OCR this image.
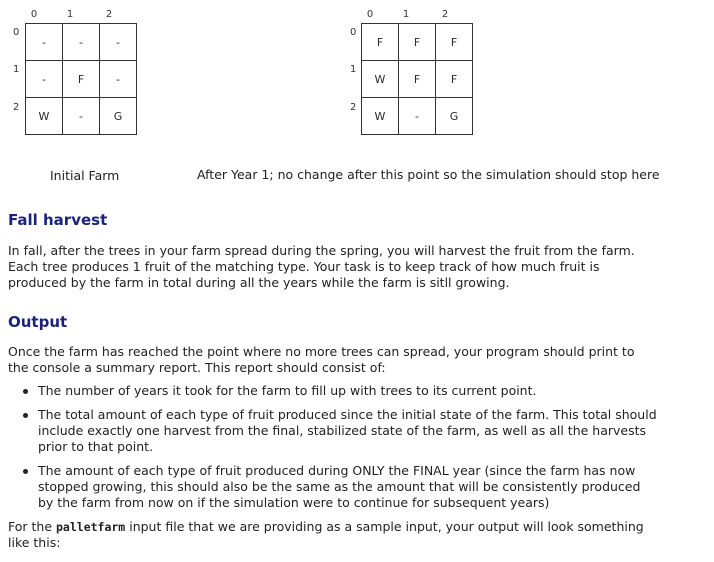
0	1	2
0
1
2
-	-	-
-	F	-
W	-	G
0	1	2
0
1
2
F	F	F
W	F	F
W	-	G
Initial Farm	After Year 1; no change after this point so the simulation should stop here
Fall harvest

In fall, after the trees in your farm spread during the spring, you will harvest the fruit from the farm. Each tree produces 1 fruit of the matching type. Your task is to keep track of how much fruit is produced by the farm in total during all the years while the farm is sitll growing.

Output

Once the farm has reached the point where no more trees can spread, your program should print to the console a summary report. This report should consist of:

The number of years it took for the farm to fill up with trees to its current point.
The total amount of each type of fruit produced since the initial state of the farm. This total should include exactly one harvest from the final, stabilized state of the farm, as well as all the harvests prior to that point.
The amount of each type of fruit produced during ONLY the FINAL year (since the farm has now stopped growing, this should also be the same as the amount that will be consistently produced by the farm from now on if the simulation were to continue for subsequent years)

For the palletfarm input file that we are providing as a sample input, your output will look something like this:
